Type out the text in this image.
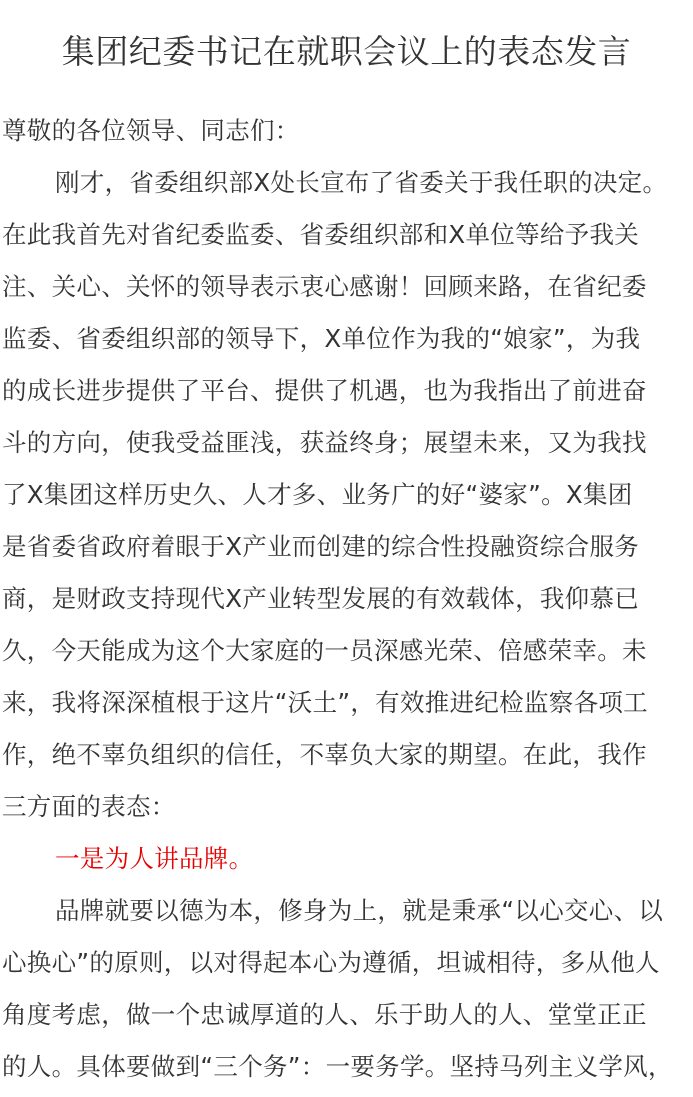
集团纪委书记在就职会议上的表态发言
尊敬的各位领导、同志们：
刚才，省委组织部X处长宣布了省委关于我任职的决定。
在此我首先对省纪委监委、省委组织部和X单位等给予我关
注、关心、关怀的领导表示衷心感谢！回顾来路，在省纪委
监委、省委组织部的领导下，X单位作为我的“娘家”，为我
的成长进步提供了平台、提供了机遇，也为我指出了前进奋
斗的方向，使我受益匪浅，获益终身；展望未来，又为我找
了X集团这样历史久、人才多、业务广的好“婆家”。X集团
是省委省政府着眼于X产业而创建的综合性投融资综合服务
商，是财政支持现代X产业转型发展的有效载体，我仰慕已
久，今天能成为这个大家庭的一员深感光荣、倍感荣幸。未
来，我将深深植根于这片“沃土”，有效推进纪检监察各项工
作，绝不辜负组织的信任，不辜负大家的期望。在此，我作
三方面的表态：
一是为人讲品牌。
品牌就要以德为本，修身为上，就是秉承“以心交心、以
心换心”的原则，以对得起本心为遵循，坦诚相待，多从他人
角度考虑，做一个忠诚厚道的人、乐于助人的人、堂堂正正
的人。具体要做到“三个务”：一要务学。坚持马列主义学风，
